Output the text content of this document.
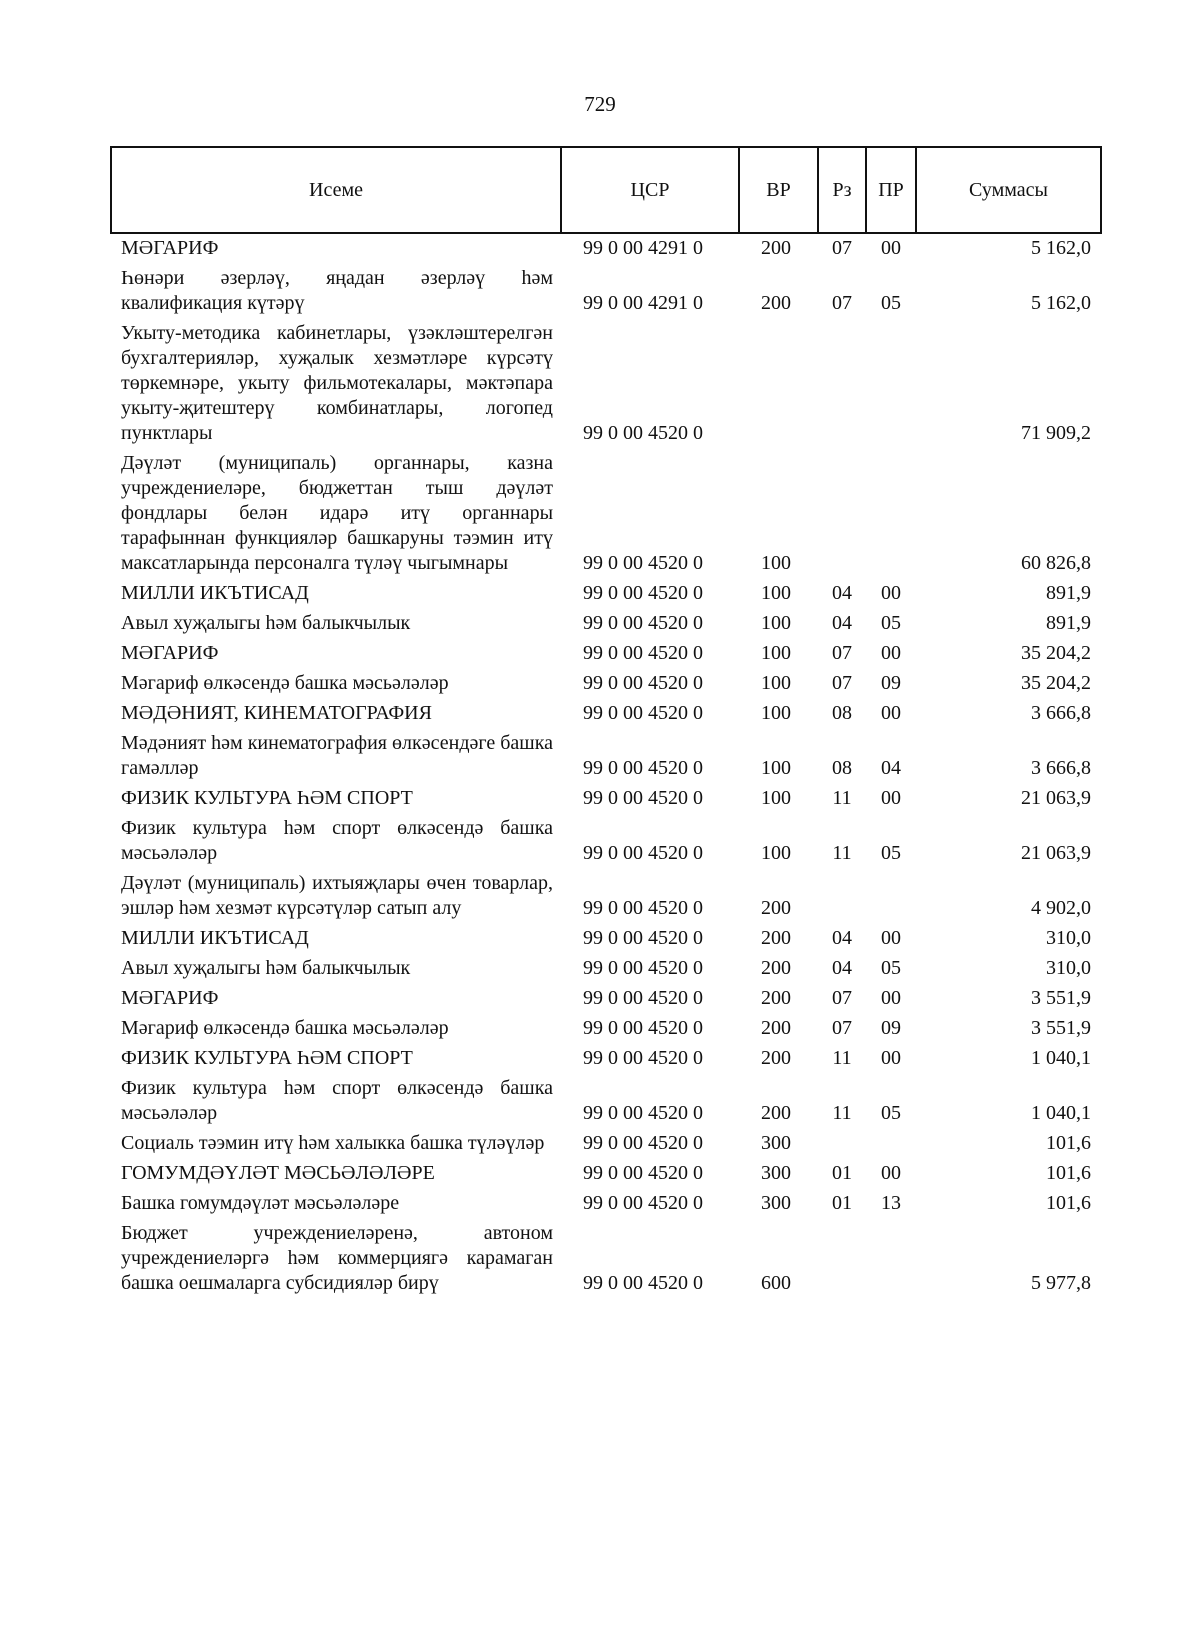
729
Исеме	ЦСР	ВР	Рз	ПР	Суммасы
МӘГАРИФ	99 0 00 4291 0	200	07	00	5 162,0
Һөнәри әзерләү, яңадан әзерләү һәм квалификация күтәрү	99 0 00 4291 0	200	07	05	5 162,0
Укыту-методика кабинетлары, үзәкләштерелгән бухгалтерияләр, хуҗалык хезмәтләре күрсәтү төркемнәре, укыту фильмотекалары, мәктәпара укыту-җитештерү комбинатлары, логопед пунктлары	99 0 00 4520 0				71 909,2
Дәүләт (муниципаль) органнары, казна учреждениеләре, бюджеттан тыш дәүләт фондлары белән идарә итү органнары тарафыннан функцияләр башкаруны тәэмин итү максатларында персоналга түләү чыгымнары	99 0 00 4520 0	100			60 826,8
МИЛЛИ ИКЪТИСАД	99 0 00 4520 0	100	04	00	891,9
Авыл хуҗалыгы һәм балыкчылык	99 0 00 4520 0	100	04	05	891,9
МӘГАРИФ	99 0 00 4520 0	100	07	00	35 204,2
Мәгариф өлкәсендә башка мәсьәләләр	99 0 00 4520 0	100	07	09	35 204,2
МӘДӘНИЯТ, КИНЕМАТОГРАФИЯ	99 0 00 4520 0	100	08	00	3 666,8
Мәдәният һәм кинематография өлкәсендәге башка гамәлләр	99 0 00 4520 0	100	08	04	3 666,8
ФИЗИК КУЛЬТУРА ҺӘМ СПОРТ	99 0 00 4520 0	100	11	00	21 063,9
Физик культура һәм спорт өлкәсендә башка мәсьәләләр	99 0 00 4520 0	100	11	05	21 063,9
Дәүләт (муниципаль) ихтыяҗлары өчен товарлар, эшләр һәм хезмәт күрсәтүләр сатып алу	99 0 00 4520 0	200			4 902,0
МИЛЛИ ИКЪТИСАД	99 0 00 4520 0	200	04	00	310,0
Авыл хуҗалыгы һәм балыкчылык	99 0 00 4520 0	200	04	05	310,0
МӘГАРИФ	99 0 00 4520 0	200	07	00	3 551,9
Мәгариф өлкәсендә башка мәсьәләләр	99 0 00 4520 0	200	07	09	3 551,9
ФИЗИК КУЛЬТУРА ҺӘМ СПОРТ	99 0 00 4520 0	200	11	00	1 040,1
Физик культура һәм спорт өлкәсендә башка мәсьәләләр	99 0 00 4520 0	200	11	05	1 040,1
Социаль тәэмин итү һәм халыкка башка түләүләр	99 0 00 4520 0	300			101,6
ГОМУМДӘҮЛӘТ МӘСЬӘЛӘЛӘРЕ	99 0 00 4520 0	300	01	00	101,6
Башка гомумдәүләт мәсьәләләре	99 0 00 4520 0	300	01	13	101,6
Бюджет учреждениеләренә, автоном учреждениеләргә һәм коммерциягә карамаган башка оешмаларга субсидияләр бирү	99 0 00 4520 0	600			5 977,8
